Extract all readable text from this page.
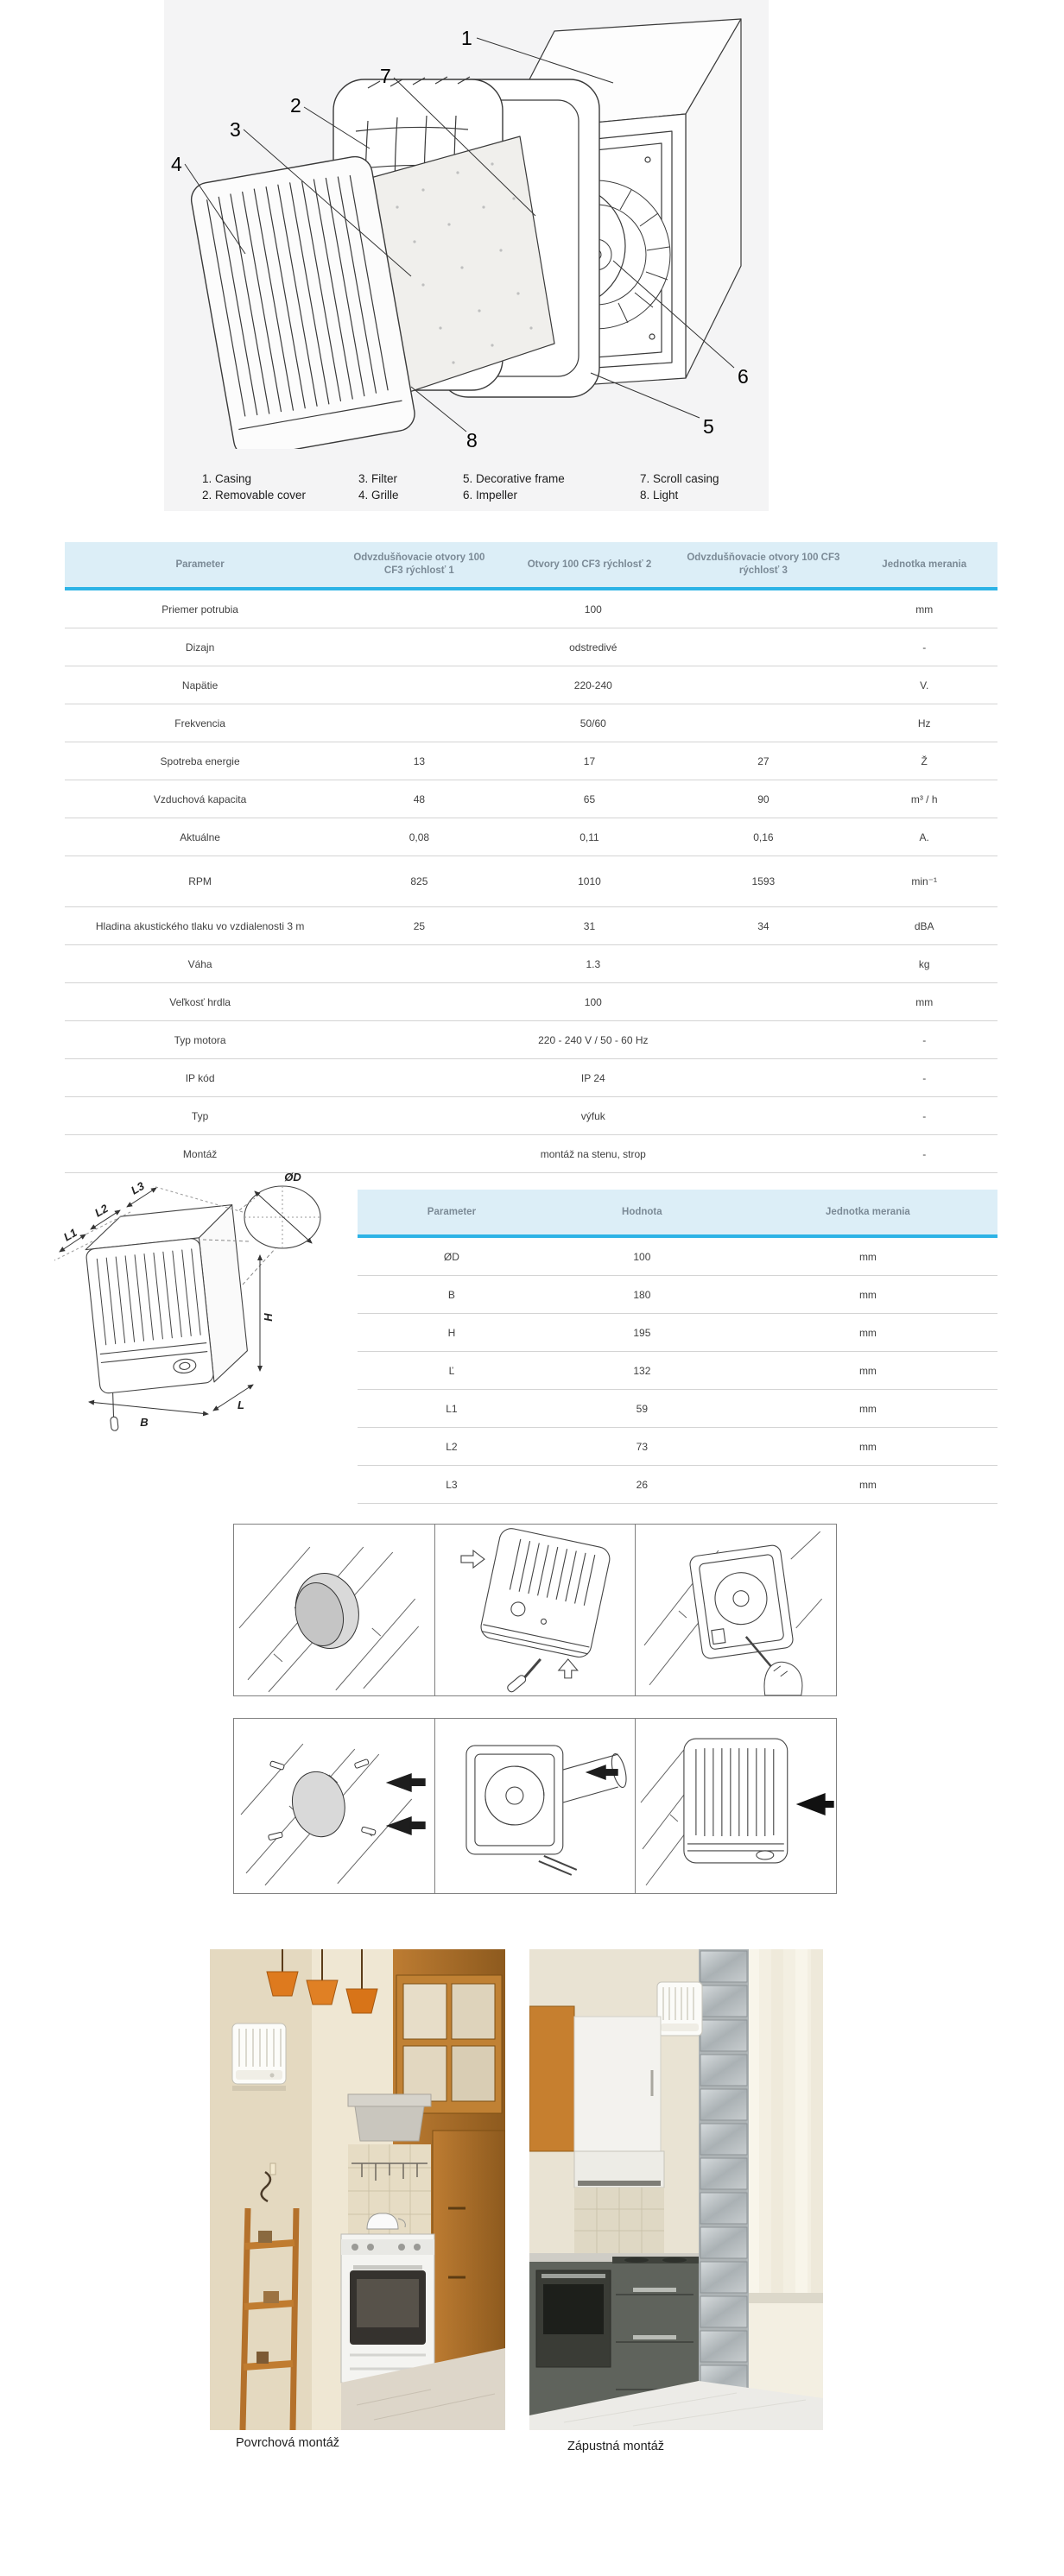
1
2
3
4
5
6
7
8
1. Casing
2. Removable cover
3. Filter
4. Grille
5. Decorative frame
6. Impeller
7. Scroll casing
8. Light
Parameter	Odvzdušňovacie otvory 100 CF3 rýchlosť 1	Otvory 100 CF3 rýchlosť 2	Odvzdušňovacie otvory 100 CF3 rýchlosť 3	Jednotka merania
Priemer potrubia	100			mm
Dizajn	odstredivé			-
Napätie	220-240			V.
Frekvencia	50/60			Hz
Spotreba energie	13	17	27	Ž
Vzduchová kapacita	48	65	90	m³ / h
Aktuálne	0,08	0,11	0,16	A.
RPM	825	1010	1593	min⁻¹
Hladina akustického tlaku vo vzdialenosti 3 m	25	31	34	dBA
Váha	1.3			kg
Veľkosť hrdla	100			mm
Typ motora	220 - 240 V / 50 - 60 Hz			-
IP kód	IP 24			-
Typ	výfuk			-
Montáž	montáž na stenu, strop			-
ØD
H
B
L
L1
L2
L3
Parameter	Hodnota	Jednotka merania
ØD	100	mm
B	180	mm
H	195	mm
Ľ	132	mm
L1	59	mm
L2	73	mm
L3	26	mm
Povrchová montáž	Zápustná montáž
